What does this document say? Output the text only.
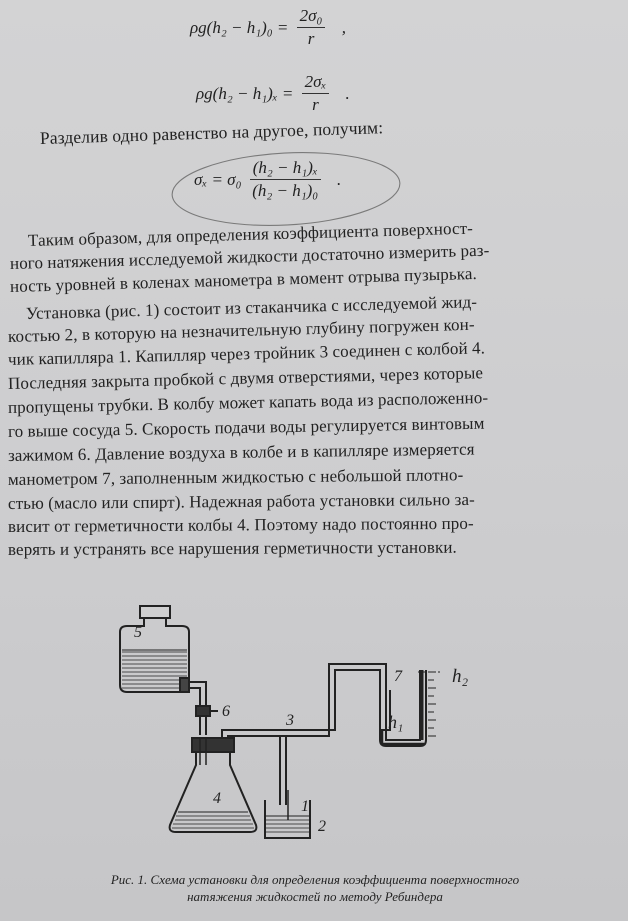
$\rho g(h_2 - h_1)_0 = \frac{\text{2σ₀}}{r}$ ,
$\rho g(h_2 - h_1)_x = \frac{\text{2σₓ}}{r}$ .
Разделив одно равенство на другое, получим:
$\sigma_x = \sigma_0 \frac{\text{(h₂ − h₁)ₓ}}{\text{(h₂ − h₁)₀}}$ .
Таким образом, для определения коэффициента поверхност-
ного натяжения исследуемой жидкости достаточно измерить раз-
ность уровней в коленах манометра в момент отрыва пузырька.
Установка (рис. 1) состоит из стаканчика с исследуемой жид-
костью 2, в которую на незначительную глубину погружен кон-
чик капилляра 1. Капилляр через тройник 3 соединен с колбой 4.
Последняя закрыта пробкой с двумя отверстиями, через которые
пропущены трубки. В колбу может капать вода из расположенно-
го выше сосуда 5. Скорость подачи воды регулируется винтовым
зажимом 6. Давление воздуха в колбе и в капилляре измеряется
манометром 7, заполненным жидкостью с небольшой плотно-
стью (масло или спирт). Надежная работа установки сильно за-
висит от герметичности колбы 4. Поэтому надо постоянно про-
верять и устранять все нарушения герметичности установки.
5
6
3
4	1
2
7
h₁
h₂
Рис. 1. Схема установки для определения коэффициента поверхностного
натяжения жидкостей по методу Ребиндера
